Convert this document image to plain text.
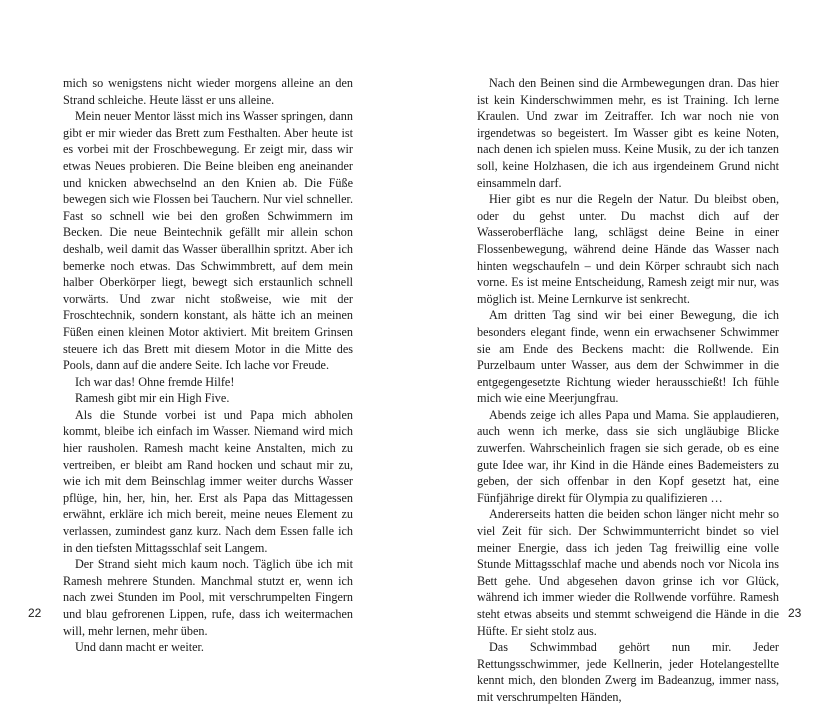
mich so wenigstens nicht wieder morgens alleine an den Strand schleiche. Heute lässt er uns alleine.

Mein neuer Mentor lässt mich ins Wasser springen, dann gibt er mir wieder das Brett zum Festhalten. Aber heute ist es vorbei mit der Froschbewegung. Er zeigt mir, dass wir etwas Neues probieren. Die Beine bleiben eng aneinander und knicken abwechselnd an den Knien ab. Die Füße bewegen sich wie Flossen bei Tauchern. Nur viel schneller. Fast so schnell wie bei den großen Schwimmern im Becken. Die neue Beintechnik gefällt mir allein schon deshalb, weil damit das Wasser überallhin spritzt. Aber ich bemerke noch etwas. Das Schwimmbrett, auf dem mein halber Oberkörper liegt, bewegt sich erstaunlich schnell vorwärts. Und zwar nicht stoßweise, wie mit der Froschtechnik, sondern konstant, als hätte ich an meinen Füßen einen kleinen Motor aktiviert. Mit breitem Grinsen steuere ich das Brett mit diesem Motor in die Mitte des Pools, dann auf die andere Seite. Ich lache vor Freude.

Ich war das! Ohne fremde Hilfe!

Ramesh gibt mir ein High Five.

Als die Stunde vorbei ist und Papa mich abholen kommt, bleibe ich einfach im Wasser. Niemand wird mich hier rausholen. Ramesh macht keine Anstalten, mich zu vertreiben, er bleibt am Rand hocken und schaut mir zu, wie ich mit dem Beinschlag immer weiter durchs Wasser pflüge, hin, her, hin, her. Erst als Papa das Mittagessen erwähnt, erkläre ich mich bereit, meine neues Element zu verlassen, zumindest ganz kurz. Nach dem Essen falle ich in den tiefsten Mittagsschlaf seit Langem.

Der Strand sieht mich kaum noch. Täglich übe ich mit Ramesh mehrere Stunden. Manchmal stutzt er, wenn ich nach zwei Stunden im Pool, mit verschrumpelten Fingern und blau gefrorenen Lippen, rufe, dass ich weitermachen will, mehr lernen, mehr üben.

Und dann macht er weiter.

Nach den Beinen sind die Armbewegungen dran. Das hier ist kein Kinderschwimmen mehr, es ist Training. Ich lerne Kraulen. Und zwar im Zeitraffer. Ich war noch nie von irgendetwas so begeistert. Im Wasser gibt es keine Noten, nach denen ich spielen muss. Keine Musik, zu der ich tanzen soll, keine Holzhasen, die ich aus irgendeinem Grund nicht einsammeln darf.

Hier gibt es nur die Regeln der Natur. Du bleibst oben, oder du gehst unter. Du machst dich auf der Wasseroberfläche lang, schlägst deine Beine in einer Flossenbewegung, während deine Hände das Wasser nach hinten wegschaufeln – und dein Körper schraubt sich nach vorne. Es ist meine Entscheidung, Ramesh zeigt mir nur, was möglich ist. Meine Lernkurve ist senkrecht.

Am dritten Tag sind wir bei einer Bewegung, die ich besonders elegant finde, wenn ein erwachsener Schwimmer sie am Ende des Beckens macht: die Rollwende. Ein Purzelbaum unter Wasser, aus dem der Schwimmer in die entgegengesetzte Richtung wieder herausschießt! Ich fühle mich wie eine Meerjungfrau.

Abends zeige ich alles Papa und Mama. Sie applaudieren, auch wenn ich merke, dass sie sich ungläubige Blicke zuwerfen. Wahrscheinlich fragen sie sich gerade, ob es eine gute Idee war, ihr Kind in die Hände eines Bademeisters zu geben, der sich offenbar in den Kopf gesetzt hat, eine Fünfjährige direkt für Olympia zu qualifizieren …

Andererseits hatten die beiden schon länger nicht mehr so viel Zeit für sich. Der Schwimmunterricht bindet so viel meiner Energie, dass ich jeden Tag freiwillig eine volle Stunde Mittagsschlaf mache und abends noch vor Nicola ins Bett gehe. Und abgesehen davon grinse ich vor Glück, während ich immer wieder die Rollwende vorführe. Ramesh steht etwas abseits und stemmt schweigend die Hände in die Hüfte. Er sieht stolz aus.

Das Schwimmbad gehört nun mir. Jeder Rettungsschwimmer, jede Kellnerin, jeder Hotelangestellte kennt mich, den blonden Zwerg im Badeanzug, immer nass, mit verschrumpelten Händen,

22	23
